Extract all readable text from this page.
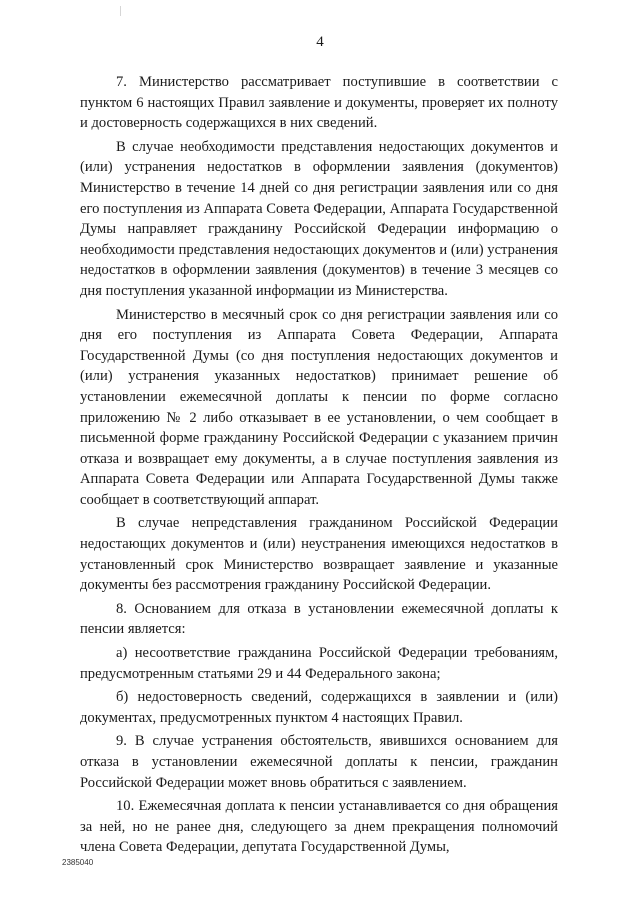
4

7. Министерство рассматривает поступившие в соответствии с пунктом 6 настоящих Правил заявление и документы, проверяет их полноту и достоверность содержащихся в них сведений.

В случае необходимости представления недостающих документов и (или) устранения недостатков в оформлении заявления (документов) Министерство в течение 14 дней со дня регистрации заявления или со дня его поступления из Аппарата Совета Федерации, Аппарата Государственной Думы направляет гражданину Российской Федерации информацию о необходимости представления недостающих документов и (или) устранения недостатков в оформлении заявления (документов) в течение 3 месяцев со дня поступления указанной информации из Министерства.

Министерство в месячный срок со дня регистрации заявления или со дня его поступления из Аппарата Совета Федерации, Аппарата Государственной Думы (со дня поступления недостающих документов и (или) устранения указанных недостатков) принимает решение об установлении ежемесячной доплаты к пенсии по форме согласно приложению № 2 либо отказывает в ее установлении, о чем сообщает в письменной форме гражданину Российской Федерации с указанием причин отказа и возвращает ему документы, а в случае поступления заявления из Аппарата Совета Федерации или Аппарата Государственной Думы также сообщает в соответствующий аппарат.

В случае непредставления гражданином Российской Федерации недостающих документов и (или) неустранения имеющихся недостатков в установленный срок Министерство возвращает заявление и указанные документы без рассмотрения гражданину Российской Федерации.

8. Основанием для отказа в установлении ежемесячной доплаты к пенсии является:

а) несоответствие гражданина Российской Федерации требованиям, предусмотренным статьями 29 и 44 Федерального закона;

б) недостоверность сведений, содержащихся в заявлении и (или) документах, предусмотренных пунктом 4 настоящих Правил.

9. В случае устранения обстоятельств, явившихся основанием для отказа в установлении ежемесячной доплаты к пенсии, гражданин Российской Федерации может вновь обратиться с заявлением.

10. Ежемесячная доплата к пенсии устанавливается со дня обращения за ней, но не ранее дня, следующего за днем прекращения полномочий члена Совета Федерации, депутата Государственной Думы,

2385040
